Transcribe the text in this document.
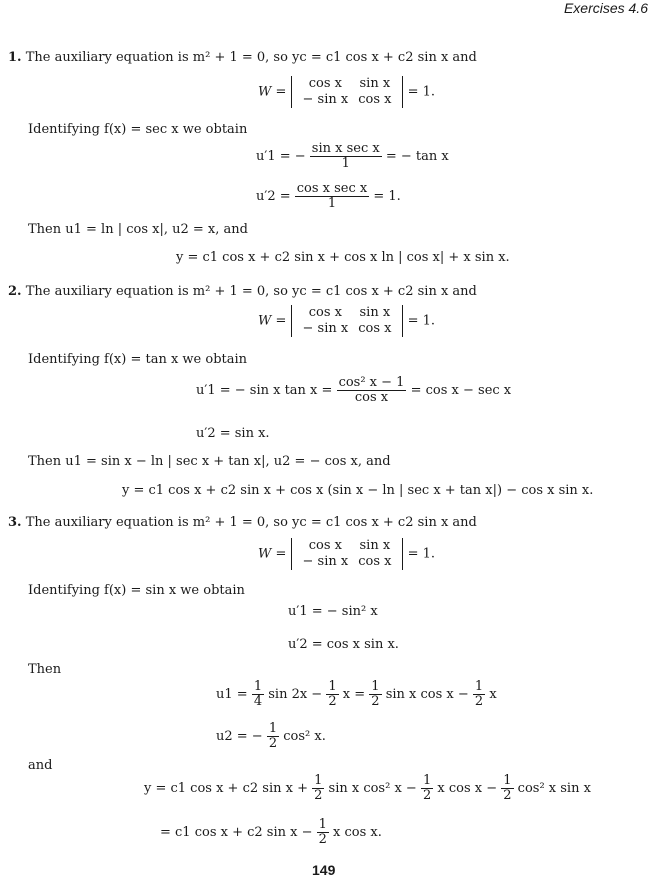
Exercises 4.6
1. The auxiliary equation is m² + 1 = 0, so yc = c1 cos x + c2 sin x and
W =
cos x	sin x
− sin x	cos x = 1.
Identifying f(x) = sec x we obtain
u′1 = − $\frac{\text{sin x sec x}}{1}$ = − tan x
$u'2 = \frac{\text{cos x sec x}}{1} = 1$.
Then u1 = ln | cos x|, u2 = x, and
y = c1 cos x + c2 sin x + cos x ln | cos x| + x sin x.
2. The auxiliary equation is m² + 1 = 0, so yc = c1 cos x + c2 sin x and
W =
cos x	sin x
− sin x	cos x = 1.
Identifying f(x) = tan x we obtain
u′1 = − sin x $\tan x = \frac{\text{cos² x − 1}}{\text{cos x}} = \cos x - \sec x$
u′2 = sin x.
Then u1 = sin x − ln | sec x + tan x|, u2 = − cos x, and
y = c1 cos x + c2 sin x + cos x (sin x − ln | sec x + tan x|) − cos x sin x.
3. The auxiliary equation is m² + 1 = 0, so yc = c1 cos x + c2 sin x and
W =
cos x	sin x
− sin x	cos x = 1.
Identifying f(x) = sin x we obtain
u′1 = − sin² x
u′2 = cos x sin x.
Then
$u1 = \frac{1}{4}$ $\sin 2x - \frac{1}{2}$ $x = \frac{1}{2}$ sin x $\cos x - \frac{1}{2}$ x
u2 = − $\frac{1}{2} \cos^2$ x.
and
y = c1 cos x + c2 $\sin x + \frac{1}{2}$ sin x cos² $x - \frac{1}{2}$ x $\cos x - \frac{1}{2} \cos^2$ x sin x
= c1 cos x + c2 $\sin x - \frac{1}{2}$ x cos x.
149
